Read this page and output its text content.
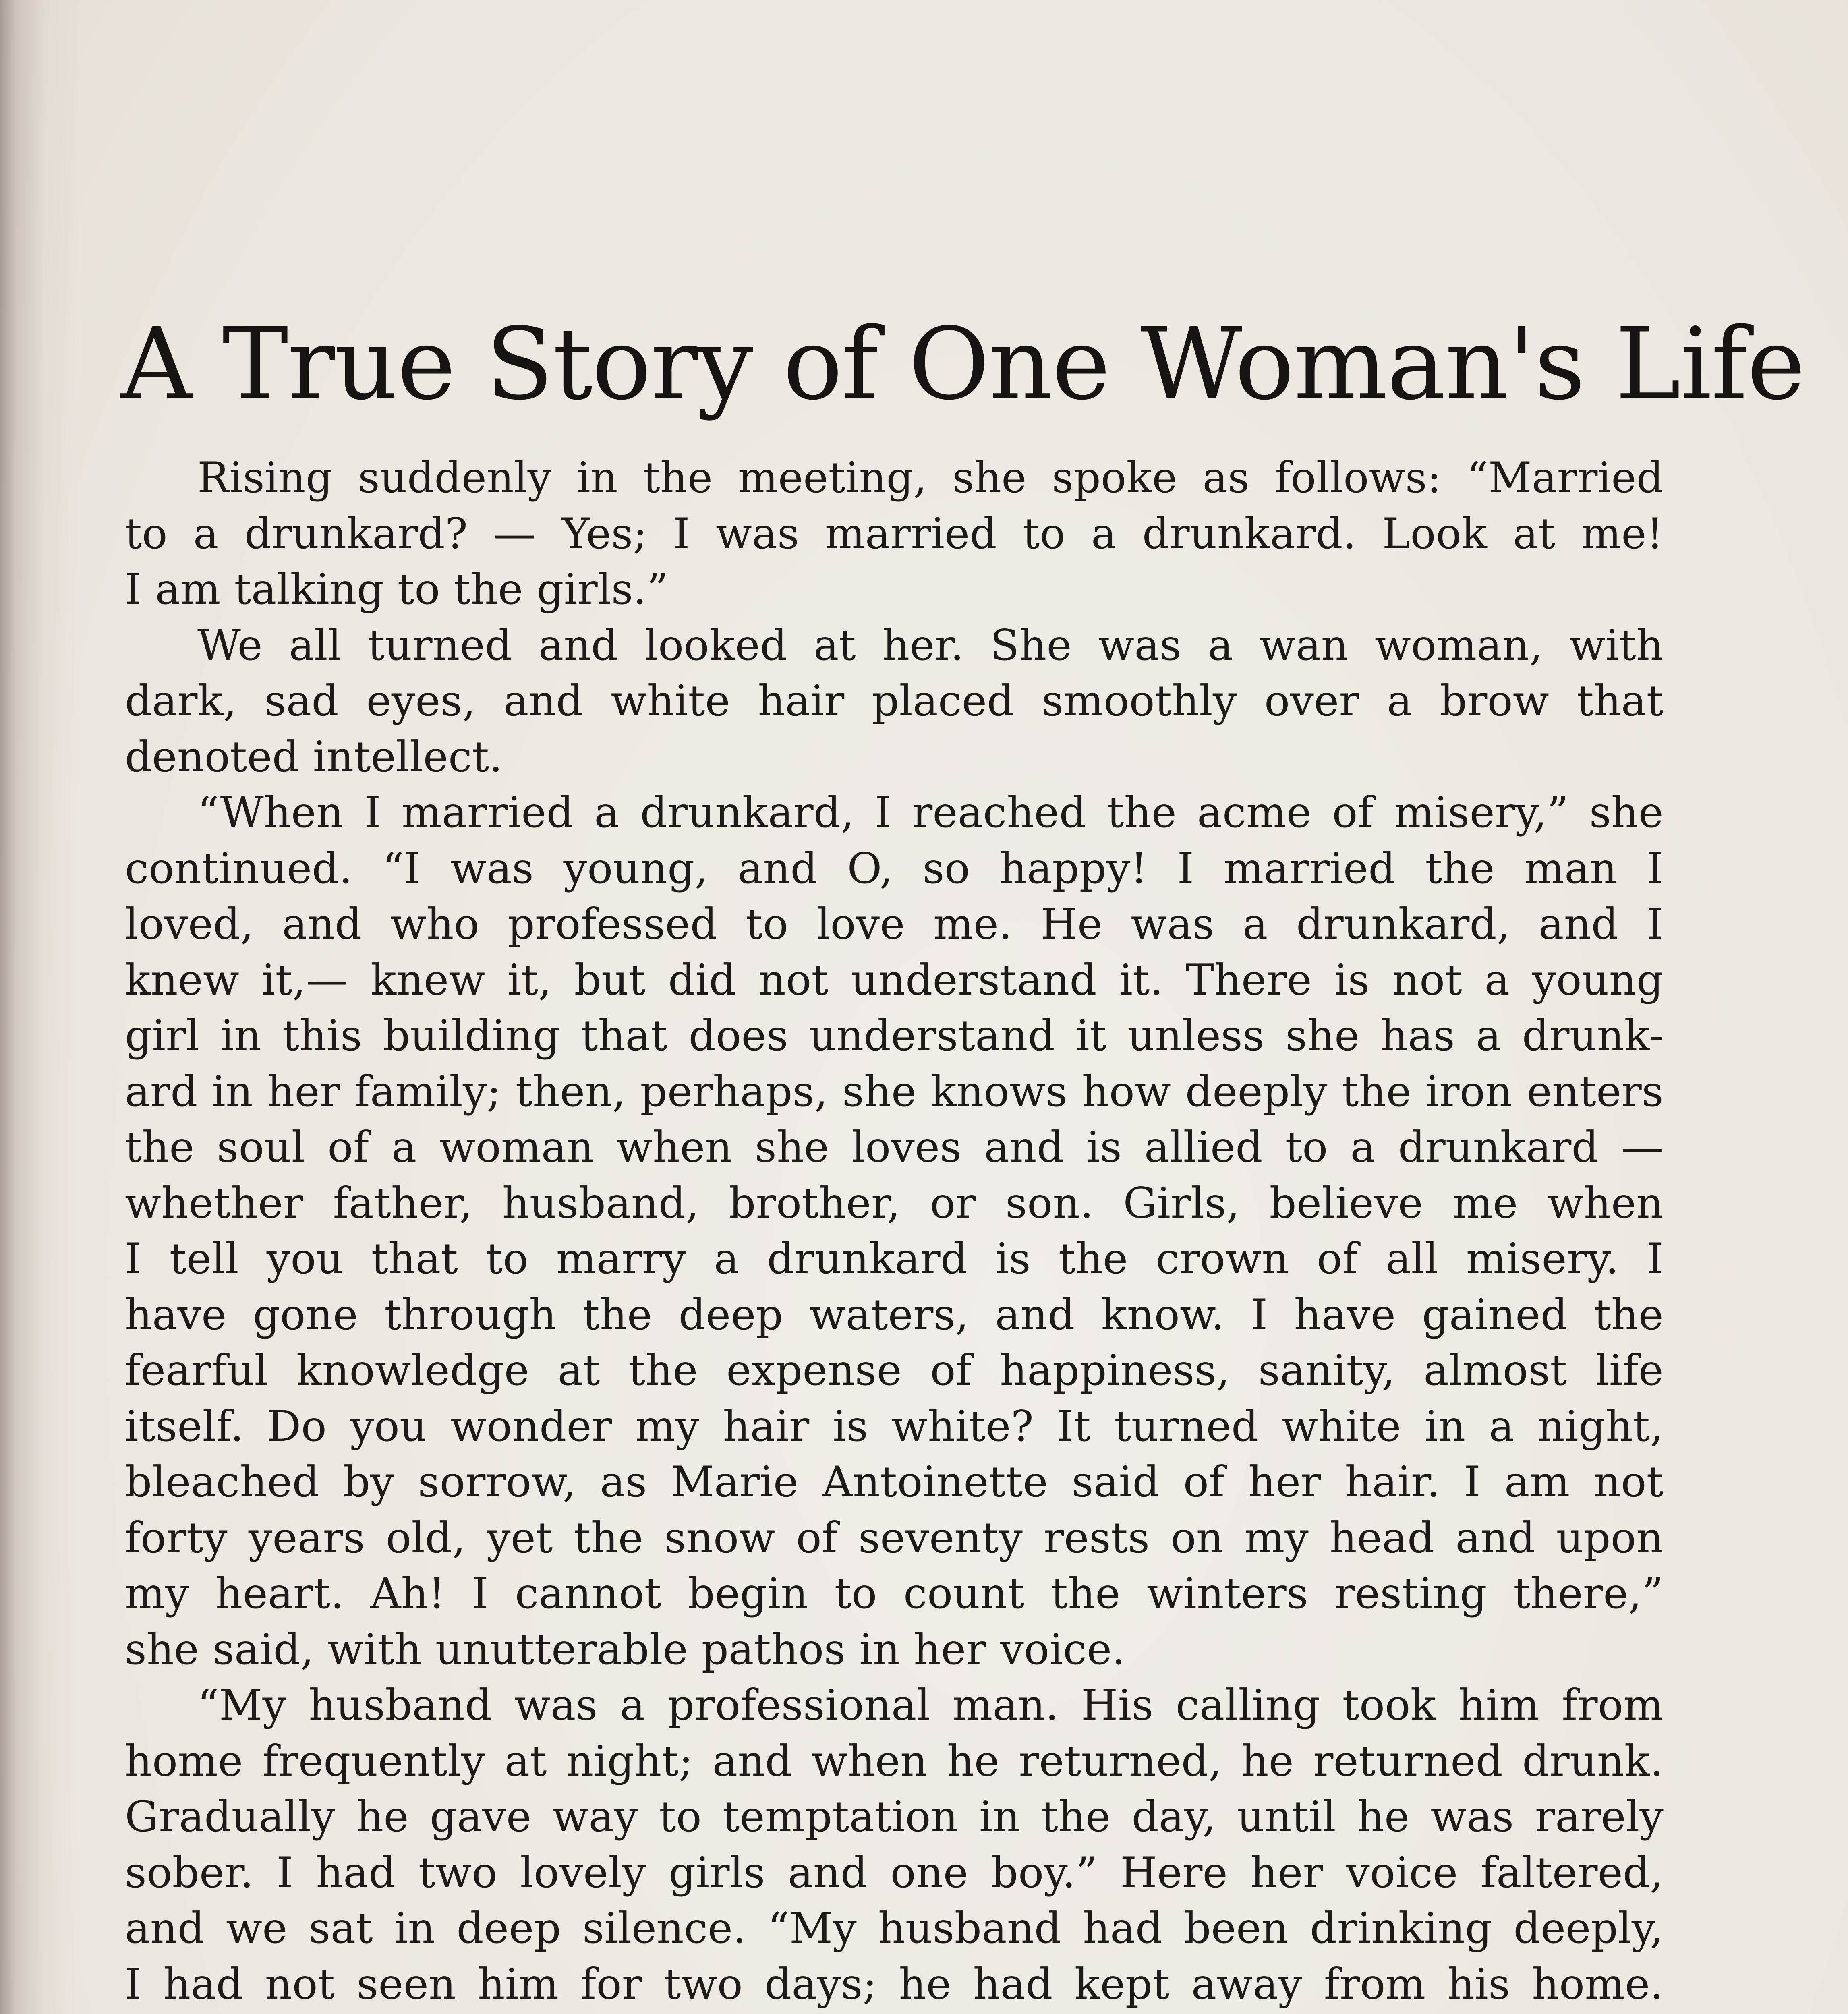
A True Story of One Woman's Life
Rising suddenly in the meeting, she spoke as follows: “Married
to a drunkard? — Yes; I was married to a drunkard. Look at me!
I am talking to the girls.”
We all turned and looked at her. She was a wan woman, with
dark, sad eyes, and white hair placed smoothly over a brow that
denoted intellect.
“When I married a drunkard, I reached the acme of misery,” she
continued. “I was young, and O, so happy! I married the man I
loved, and who professed to love me. He was a drunkard, and I
knew it,— knew it, but did not understand it. There is not a young
girl in this building that does understand it unless she has a drunk-
ard in her family; then, perhaps, she knows how deeply the iron enters
the soul of a woman when she loves and is allied to a drunkard —
whether father, husband, brother, or son. Girls, believe me when
I tell you that to marry a drunkard is the crown of all misery. I
have gone through the deep waters, and know. I have gained the
fearful knowledge at the expense of happiness, sanity, almost life
itself. Do you wonder my hair is white? It turned white in a night,
bleached by sorrow, as Marie Antoinette said of her hair. I am not
forty years old, yet the snow of seventy rests on my head and upon
my heart. Ah! I cannot begin to count the winters resting there,”
she said, with unutterable pathos in her voice.
“My husband was a professional man. His calling took him from
home frequently at night; and when he returned, he returned drunk.
Gradually he gave way to temptation in the day, until he was rarely
sober. I had two lovely girls and one boy.” Here her voice faltered,
and we sat in deep silence. “My husband had been drinking deeply,
I had not seen him for two days; he had kept away from his home.
